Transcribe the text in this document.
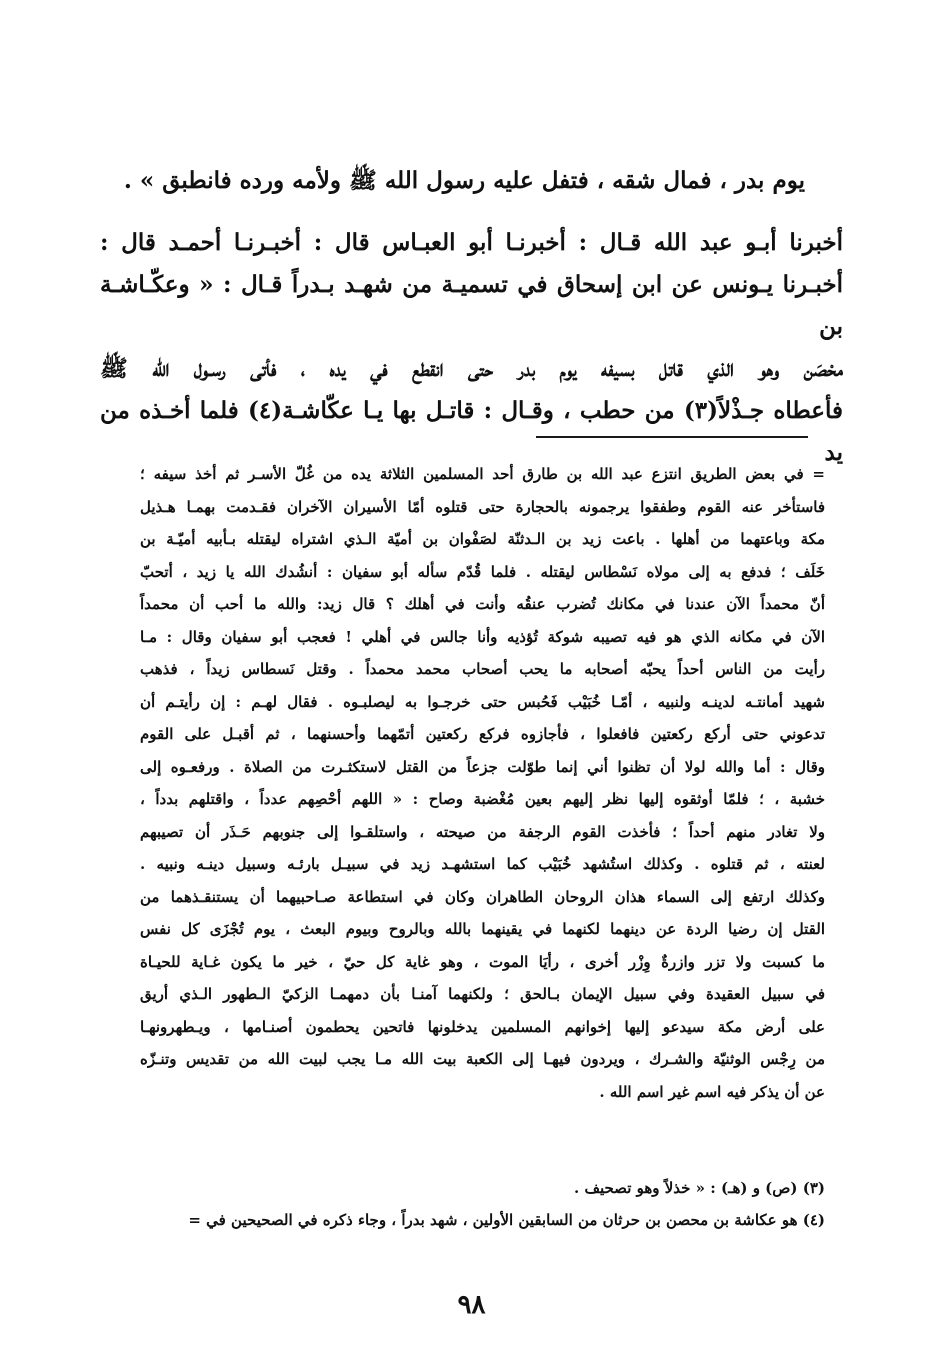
يوم بدر ، فمال شقه ، فتفل عليه رسول الله ﷺ ولأمه ورده فانطبق » .

أخبرنا أبـو عبد الله قـال : أخبرنـا أبو العبـاس قال : أخبـرنـا أحمـد قال :

أخبـرنا يـونس عن ابن إسحاق في تسميـة من شهـد بـدراً قـال : « وعكّـاشـة بن

محْصَن وهو الذي قاتل بسيفه يوم بدر حتى انقطع في يده ، فأتى رسـول الله ﷺ

فأعطاه جـذْلاً(٣) من حطب ، وقـال : قاتـل بها يـا عكّاشـة(٤) فلما أخـذه من يد

= في بعض الطريق انتزع عبد الله بن طارق أحد المسلمين الثلاثة يده من غُلّ الأسـر ثم أخذ سيفه ؛

فاستأخر عنه القوم وطفقوا يرجمونه بالحجارة حتى قتلوه أمّا الأسيران الآخران فقـدمت بهمـا هـذيل

مكة وباعتهما من أهلها . باعت زيد بن الـدثنّة لصَفْوان بن أميّة الـذي اشتراه ليقتله بـأبيه أميّـة بن

خَلَف ؛ فدفع به إلى مولاه نَسْطاس ليقتله . فلما قُدّم سأله أبو سفيان : أنشُدك الله يا زيد ، أتحبّ

أنّ محمداً الآن عندنا في مكانك تُضرب عنقُه وأنت في أهلك ؟ قال زيد: والله ما أحب أن محمداً

الآن في مكانه الذي هو فيه تصيبه شوكة تُؤذيه وأنا جالس في أهلي ! فعجب أبو سفيان وقال : مـا

رأيت من الناس أحداً يحبّه أصحابه ما يحب أصحاب محمد محمداً . وقتل نَسطاس زيداً ، فذهب

شهيد أمانتـه لدينـه ولنبيه ، أمّـا خُبَيْب فَحُبس حتى خرجـوا به ليصلبـوه . فقال لهـم : إن رأيتـم أن

تدعوني حتى أركع ركعتين فافعلوا ، فأجازوه فركع ركعتين أتمّهما وأحسنهما ، ثم أقبـل على القوم

وقال : أما والله لولا أن تظنوا أني إنما طوّلت جزعاً من القتل لاستكثـرت من الصلاة . ورفعـوه إلى

خشبة ، ؛ فلمّا أوثقوه إليها نظر إليهم بعين مُغْضبة وصاح : « اللهم أحْصِهم عدداً ، واقتلهم بدداً ،

ولا تغادر منهم أحداً ؛ فأخذت القوم الرجفة من صيحته ، واستلقـوا إلى جنوبهم حَـذَر أن تصيبهم

لعنته ، ثم قتلوه . وكذلك استُشهد خُبَيْب كما استشهـد زيد في سبيـل بارئـه وسبيل دينـه ونبيه .

وكذلك ارتفع إلى السماء هذان الروحان الطاهران وكان في استطاعة صـاحبيهما أن يستنقـذهما من

القتل إن رضيا الردة عن دينهما لكنهما في يقينهما بالله وبالروح وبيوم البعث ، يوم تُجْزَى كل نفس

ما كسبت ولا تزر وازرةٌ وِزْر أخرى ، رأيَا الموت ، وهو غاية كل حيّ ، خير ما يكون غـاية للحيـاة

في سبيل العقيدة وفي سبيل الإيمان بـالحق ؛ ولكنهما آمنـا بأن دمهمـا الزكيّ الـطهور الـذي أريق

على أرض مكة سيدعو إليها إخوانهم المسلمين يدخلونها فاتحين يحطمون أصنـامها ، ويـطهرونهـا

من رِجْس الوثنيّة والشـرك ، ويردون فيهـا إلى الكعبة بيت الله مـا يجب لبيت الله من تقديس وتنـزّه

عن أن يذكر فيه اسم غير اسم الله .

(٣) (ص) و (هـ) : « خذلاً وهو تصحيف .

(٤) هو عكاشة بن محصن بن حرثان من السابقين الأولين ، شهد بدراً ، وجاء ذكره في الصحيحين في =

٩٨
